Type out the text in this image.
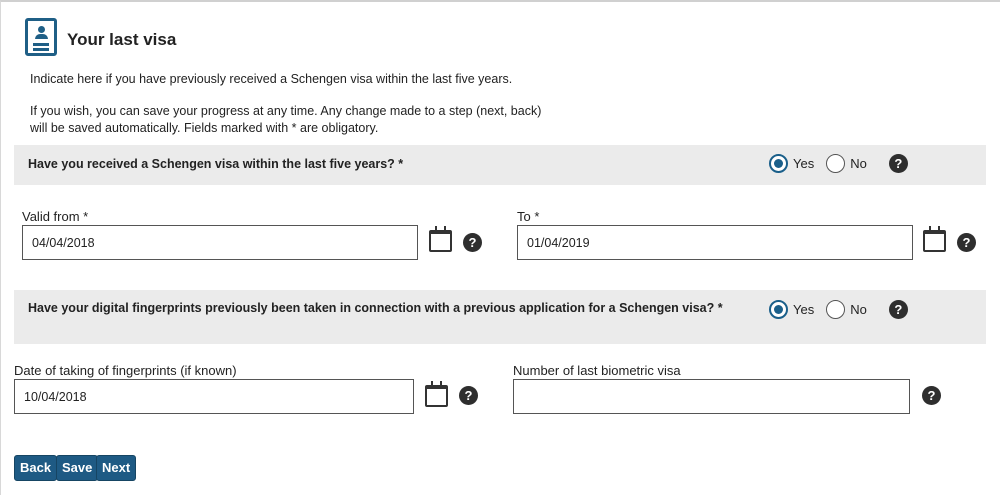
Your last visa
Indicate here if you have previously received a Schengen visa within the last five years.
If you wish, you can save your progress at any time. Any change made to a step (next, back)
will be saved automatically. Fields marked with * are obligatory.
Have you received a Schengen visa within the last five years? *	Yes	No	?
Valid from *
04/04/2018
?
To *
01/04/2019
?
Have your digital fingerprints previously been taken in connection with a previous application for a Schengen visa? *	Yes	No	?
Date of taking of fingerprints (if known)
10/04/2018
?
Number of last biometric visa
?
Back Save Next
